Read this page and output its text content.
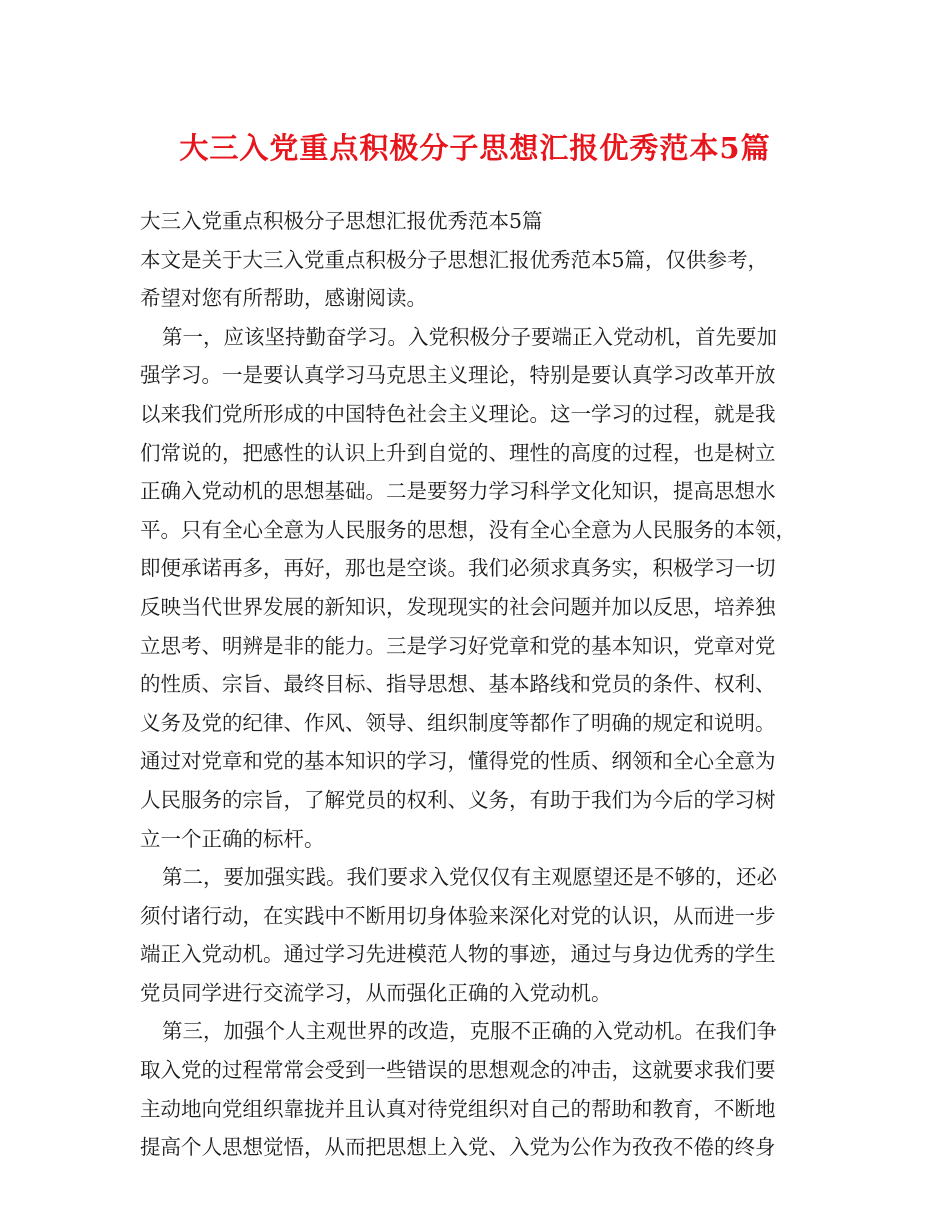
大三入党重点积极分子思想汇报优秀范本5篇
大三入党重点积极分子思想汇报优秀范本5篇
本文是关于大三入党重点积极分子思想汇报优秀范本5篇，仅供参考，
希望对您有所帮助，感谢阅读。
第一，应该坚持勤奋学习。入党积极分子要端正入党动机，首先要加
强学习。一是要认真学习马克思主义理论，特别是要认真学习改革开放
以来我们党所形成的中国特色社会主义理论。这一学习的过程，就是我
们常说的，把感性的认识上升到自觉的、理性的高度的过程，也是树立
正确入党动机的思想基础。二是要努力学习科学文化知识，提高思想水
平。只有全心全意为人民服务的思想，没有全心全意为人民服务的本领，
即便承诺再多，再好，那也是空谈。我们必须求真务实，积极学习一切
反映当代世界发展的新知识，发现现实的社会问题并加以反思，培养独
立思考、明辨是非的能力。三是学习好党章和党的基本知识，党章对党
的性质、宗旨、最终目标、指导思想、基本路线和党员的条件、权利、
义务及党的纪律、作风、领导、组织制度等都作了明确的规定和说明。
通过对党章和党的基本知识的学习，懂得党的性质、纲领和全心全意为
人民服务的宗旨，了解党员的权利、义务，有助于我们为今后的学习树
立一个正确的标杆。
第二，要加强实践。我们要求入党仅仅有主观愿望还是不够的，还必
须付诸行动，在实践中不断用切身体验来深化对党的认识，从而进一步
端正入党动机。通过学习先进模范人物的事迹，通过与身边优秀的学生
党员同学进行交流学习，从而强化正确的入党动机。
第三，加强个人主观世界的改造，克服不正确的入党动机。在我们争
取入党的过程常常会受到一些错误的思想观念的冲击，这就要求我们要
主动地向党组织靠拢并且认真对待党组织对自己的帮助和教育，不断地
提高个人思想觉悟，从而把思想上入党、入党为公作为孜孜不倦的终身
